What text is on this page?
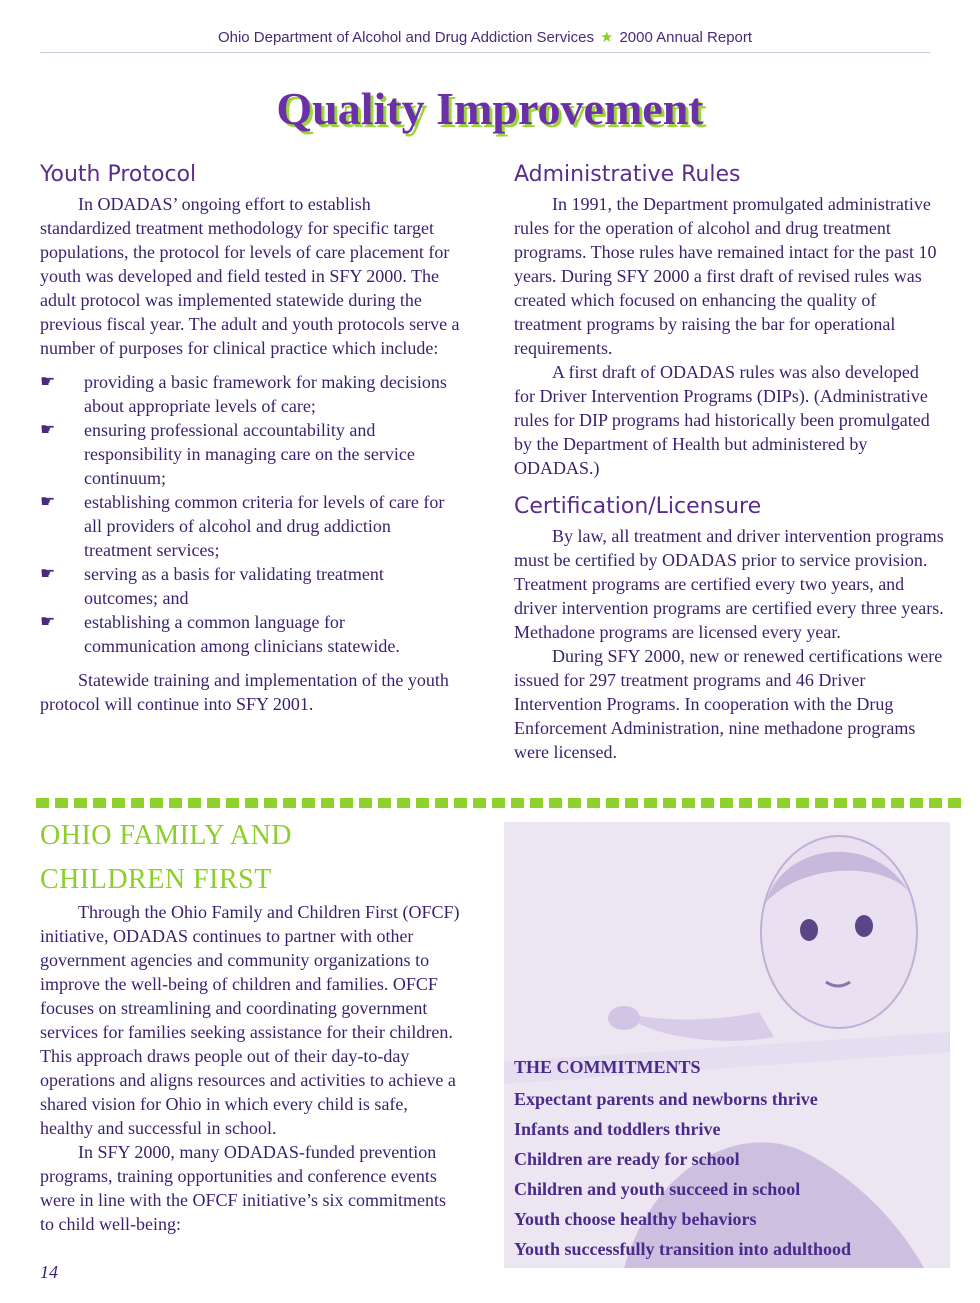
Ohio Department of Alcohol and Drug Addiction Services ★ 2000 Annual Report
Quality Improvement
Youth Protocol

In ODADAS’ ongoing effort to establish standardized treatment methodology for specific target populations, the protocol for levels of care placement for youth was developed and field tested in SFY 2000. The adult protocol was implemented statewide during the previous fiscal year. The adult and youth protocols serve a number of purposes for clinical practice which include:

☛	providing a basic framework for making decisions about appropriate levels of care;
☛	ensuring professional accountability and responsibility in managing care on the service continuum;
☛	establishing common criteria for levels of care for all providers of alcohol and drug addiction treatment services;
☛	serving as a basis for validating treatment outcomes; and
☛	establishing a common language for communication among clinicians statewide.

Statewide training and implementation of the youth protocol will continue into SFY 2001.

Administrative Rules

In 1991, the Department promulgated administrative rules for the operation of alcohol and drug treatment programs. Those rules have remained intact for the past 10 years. During SFY 2000 a first draft of revised rules was created which focused on enhancing the quality of treatment programs by raising the bar for operational requirements.

A first draft of ODADAS rules was also developed for Driver Intervention Programs (DIPs). (Administrative rules for DIP programs had historically been promulgated by the Department of Health but administered by ODADAS.)

Certification/Licensure

By law, all treatment and driver intervention programs must be certified by ODADAS prior to service provision. Treatment programs are certified every two years, and driver intervention programs are certified every three years. Methadone programs are licensed every year.

During SFY 2000, new or renewed certifications were issued for 297 treatment programs and 46 Driver Intervention Programs. In cooperation with the Drug Enforcement Administration, nine methadone programs were licensed.

OHIO FAMILY AND
CHILDREN FIRST

Through the Ohio Family and Children First (OFCF) initiative, ODADAS continues to partner with other government agencies and community organizations to improve the well-being of children and families. OFCF focuses on streamlining and coordinating government services for families seeking assistance for their children. This approach draws people out of their day-to-day operations and aligns resources and activities to achieve a shared vision for Ohio in which every child is safe, healthy and successful in school.

In SFY 2000, many ODADAS-funded prevention programs, training opportunities and conference events were in line with the OFCF initiative’s six commitments to child well-being:

THE COMMITMENTS
Expectant parents and newborns thrive
Infants and toddlers thrive
Children are ready for school
Children and youth succeed in school
Youth choose healthy behaviors
Youth successfully transition into adulthood
14
